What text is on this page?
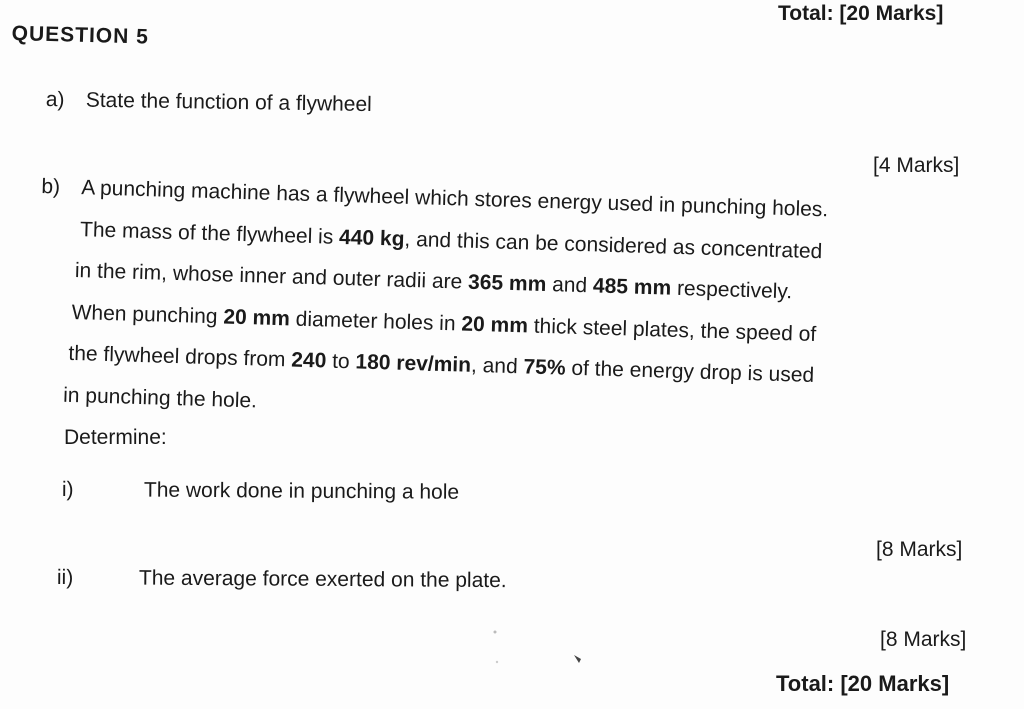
Total: [20 Marks]
QUESTION 5
a) State the function of a flywheel
[4 Marks]
b) A punching machine has a flywheel which stores energy used in punching holes.
The mass of the flywheel is 440 kg, and this can be considered as concentrated
in the rim, whose inner and outer radii are 365 mm and 485 mm respectively.
When punching 20 mm diameter holes in 20 mm thick steel plates, the speed of
the flywheel drops from 240 to 180 rev/min, and 75% of the energy drop is used
in punching the hole.
Determine:
i)	The work done in punching a hole
[8 Marks]
ii)	The average force exerted on the plate.
[8 Marks]
Total: [20 Marks]
